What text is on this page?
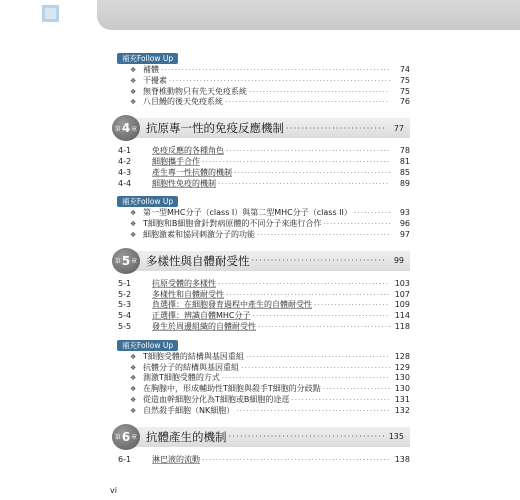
補充Follow Up
❖ 補體 ·····	74
❖ 干擾素 ·····	75
❖ 無脊椎動物只有先天免疫系統 ·····	75
❖ 八目鰻的後天免疫系統 ·····	76
第 4 章 抗原專一性的免疫反應機制 ·····	77
4-1	免疫反應的各種角色 ·····	78
4-2	細胞攜手合作 ·····	81
4-3	產生專一性抗體的機制 ·····	85
4-4	細胞性免疫的機制 ·····	89
補充Follow Up
❖ 第一型MHC分子（class I）與第二型MHC分子（class II） ·····	93
❖ T細胞和B細胞會針對病原體的不同分子來進行合作 ·····	96
❖ 細胞激素和協同刺激分子的功能 ·····	97
第 5 章 多樣性與自體耐受性 ·····	99
5-1	抗原受體的多樣性 ·····	103
5-2	多樣性和自體耐受性 ·····	107
5-3	負選擇：在細胞發育過程中產生的自體耐受性 ·····	109
5-4	正選擇：辨識自體MHC分子 ·····	114
5-5	發生於周邊組織的自體耐受性 ·····	118
補充Follow Up
❖ T細胞受體的結構與基因重組 ·····	128
❖ 抗體分子的結構與基因重組 ·····	129
❖ 測激T細胞受體的方式 ·····	130
❖ 在胸腺中，形成輔助性T細胞與殺手T細胞的分歧點 ·····	130
❖ 從造血幹細胞分化為T細胞或B細胞的途逕 ·····	131
❖ 自然殺手細胞（NK細胞） ·····	132
第 6 章 抗體產生的機制 ·····	135
6-1	淋巴液的流動 ·····	138
vi
